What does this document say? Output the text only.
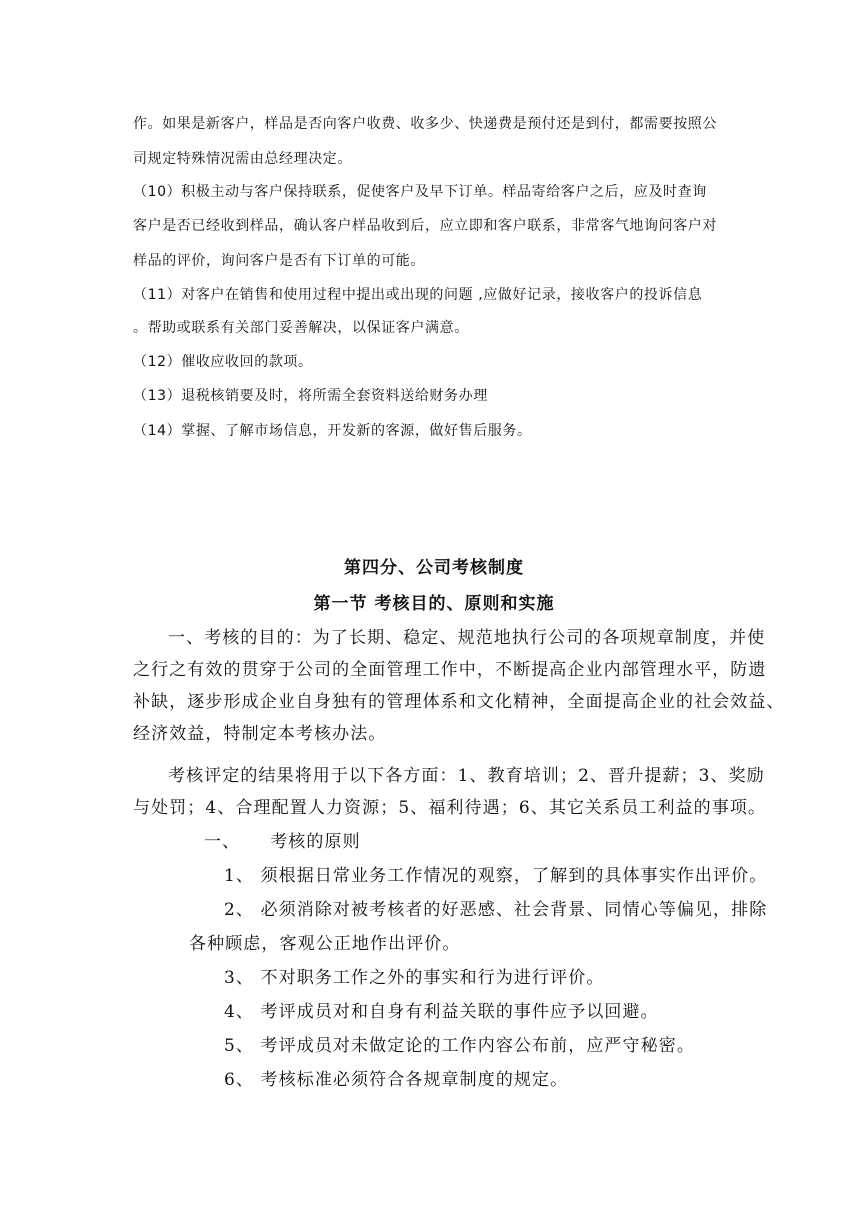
作。如果是新客户，样品是否向客户收费、收多少、快递费是预付还是到付，都需要按照公
司规定特殊情况需由总经理决定。
（10）积极主动与客户保持联系，促使客户及早下订单。样品寄给客户之后，应及时查询
客户是否已经收到样品，确认客户样品收到后，应立即和客户联系，非常客气地询问客户对
样品的评价，询问客户是否有下订单的可能。
（11）对客户在销售和使用过程中提出或出现的问题 ,应做好记录，接收客户的投诉信息
。帮助或联系有关部门妥善解决，以保证客户满意。
（12）催收应收回的款项。
（13）退税核销要及时，将所需全套资料送给财务办理
（14）掌握、了解市场信息，开发新的客源，做好售后服务。
第四分、公司考核制度
第一节 考核目的、原则和实施
一、考核的目的：为了长期、稳定、规范地执行公司的各项规章制度，并使
之行之有效的贯穿于公司的全面管理工作中，不断提高企业内部管理水平，防遗
补缺，逐步形成企业自身独有的管理体系和文化精神，全面提高企业的社会效益、
经济效益，特制定本考核办法。
考核评定的结果将用于以下各方面：1、教育培训；2、晋升提薪；3、奖励
与处罚；4、合理配置人力资源；5、福利待遇；6、其它关系员工利益的事项。
一、 考核的原则
1、 须根据日常业务工作情况的观察，了解到的具体事实作出评价。
2、 必须消除对被考核者的好恶感、社会背景、同情心等偏见，排除
各种顾虑，客观公正地作出评价。
3、 不对职务工作之外的事实和行为进行评价。
4、 考评成员对和自身有利益关联的事件应予以回避。
5、 考评成员对未做定论的工作内容公布前，应严守秘密。
6、 考核标准必须符合各规章制度的规定。
